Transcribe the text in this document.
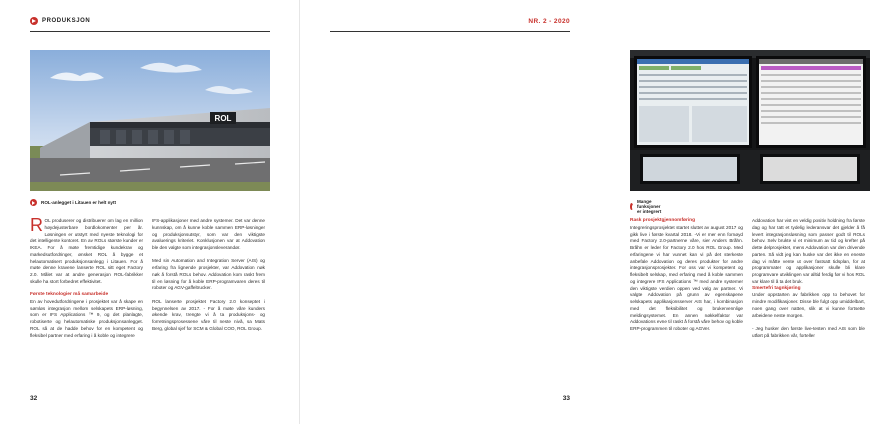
PRODUKSJON
ROL
ROL-anlegget i Litauen er helt nytt

ROL produserer og distribuerer om lag en million høydejusterbare bordlokomenter per år. Løsningen er utstyrt med nyeste teknologi for det intelligente kontoret. En av ROLs største kunder er IKEA. For å møte fremtidige kundekrav og markedsutfordringer, ønsket ROL å bygge et helautomatisert produksjonsanlegg i Litauen. For å møte denne kravene lanserte ROL sitt eget Factory 2.0. Målet var at andre generasjon ROL-fabrikker skulle ha stort forbedret effektivitet.

Første teknologier må samarbeide

En av hovedutfordringene i prosjektet var å skape en sømløs integrasjon mellom selskapets ERP-løsning, som er IFS Applications ™ 9, og det planlagte, robotiserte og helautomatiske produksjonsanlegget. ROL så at de hadde behov for en kompetent og fleksibel partner med erfaring i å koble og integrere

IFS-applikasjoner med andre systemer. Det var denne kunnskap, om å kunne koble sammen ERP-løsninger og produksjonsutstyr, som var den viktigste avaluerings kriteriet. Konklusjonen var at Addovation ble den valgte som integrasjonsleverandør.

Med sin Automation and Integration Server (AIS) og erfaring fra lignende prosjekter, var Addovation nøk nøk å forstå ROLs behov. Addovation kom raskt frem til en løsning for å koble ERP-programvaren deres til roboter og AGV-gaffeltrucker.

ROL lanserte prosjektet Factory 2.0 konseptet i begynnelsen av 2017. - For å møte våre kunders økende krav, trengte vi å ta produksjons- og forretningsprosessene våre til neste nivå, sa Mats Berg, global sjef for SCM & Global COO, ROL Group.

32
NR. 2 - 2020
Mange funksjoner er integrert
Rask prosjektgjennomføring

Integreringsprosjektet startet sluttet av august 2017 og gikk live i første kvartal 2018. -Vi er mer enn fornøyd med Factory 2.0-partnerne våre, sier Anders Bråhn. Bråhn er leder for Factory 2.0 hos ROL Group. Med erfaringene vi har vunnet kan vi på det sterkeste anbefale Addovation og deres produkter for andre integrasjonsprosjekter. For oss var vi kompetent og fleksibelt selskap, med erfaring med å koble sammen og integrere IFS Applications ™ med andre systemer den viktigste verdien oppen ved valg av partner. Vi valgte Addovation på grunn av egenskapene selskapets applikasjonsserver AIS har, i kombinasjon med det fleksibilitet og brukervennlige meldingsystemet. En annen nøkkelfaktor var Addovations evne til raskt å forstå våre behov og koble ERP-programmen til roboter og AGVer.

Addovation har vist en veldig positiv holdning fra første dag og har tatt et tydelig lederansvar det gjelder å få levert integrasjonsløsning som passer godt til ROLs behov. Selv brukte vi et minimum av tid og krefter på dette delprosjektet, mens Addovation var den drivende parten. Så vidt jeg kan huske var det ikke en eneste dag vi måtte vente ut over fastsatt tidsplan, for at programmater og applikasjoner skulle bli klare programvare utviklingen var alltid ferdig før vi hos ROL var klare til å ta det bruk.

Smertefri tagnkjøring

Under oppstarten av fabrikken opp to behovet for mindre modifikasjoner. Disse ble fulgt opp umiddelbart, noen gang over natten, slik at vi kunne fortsette arbeidene neste morgen.

- Jeg husker den første live-testen med AIS som ble utført på fabrikken vår, forteller

33
